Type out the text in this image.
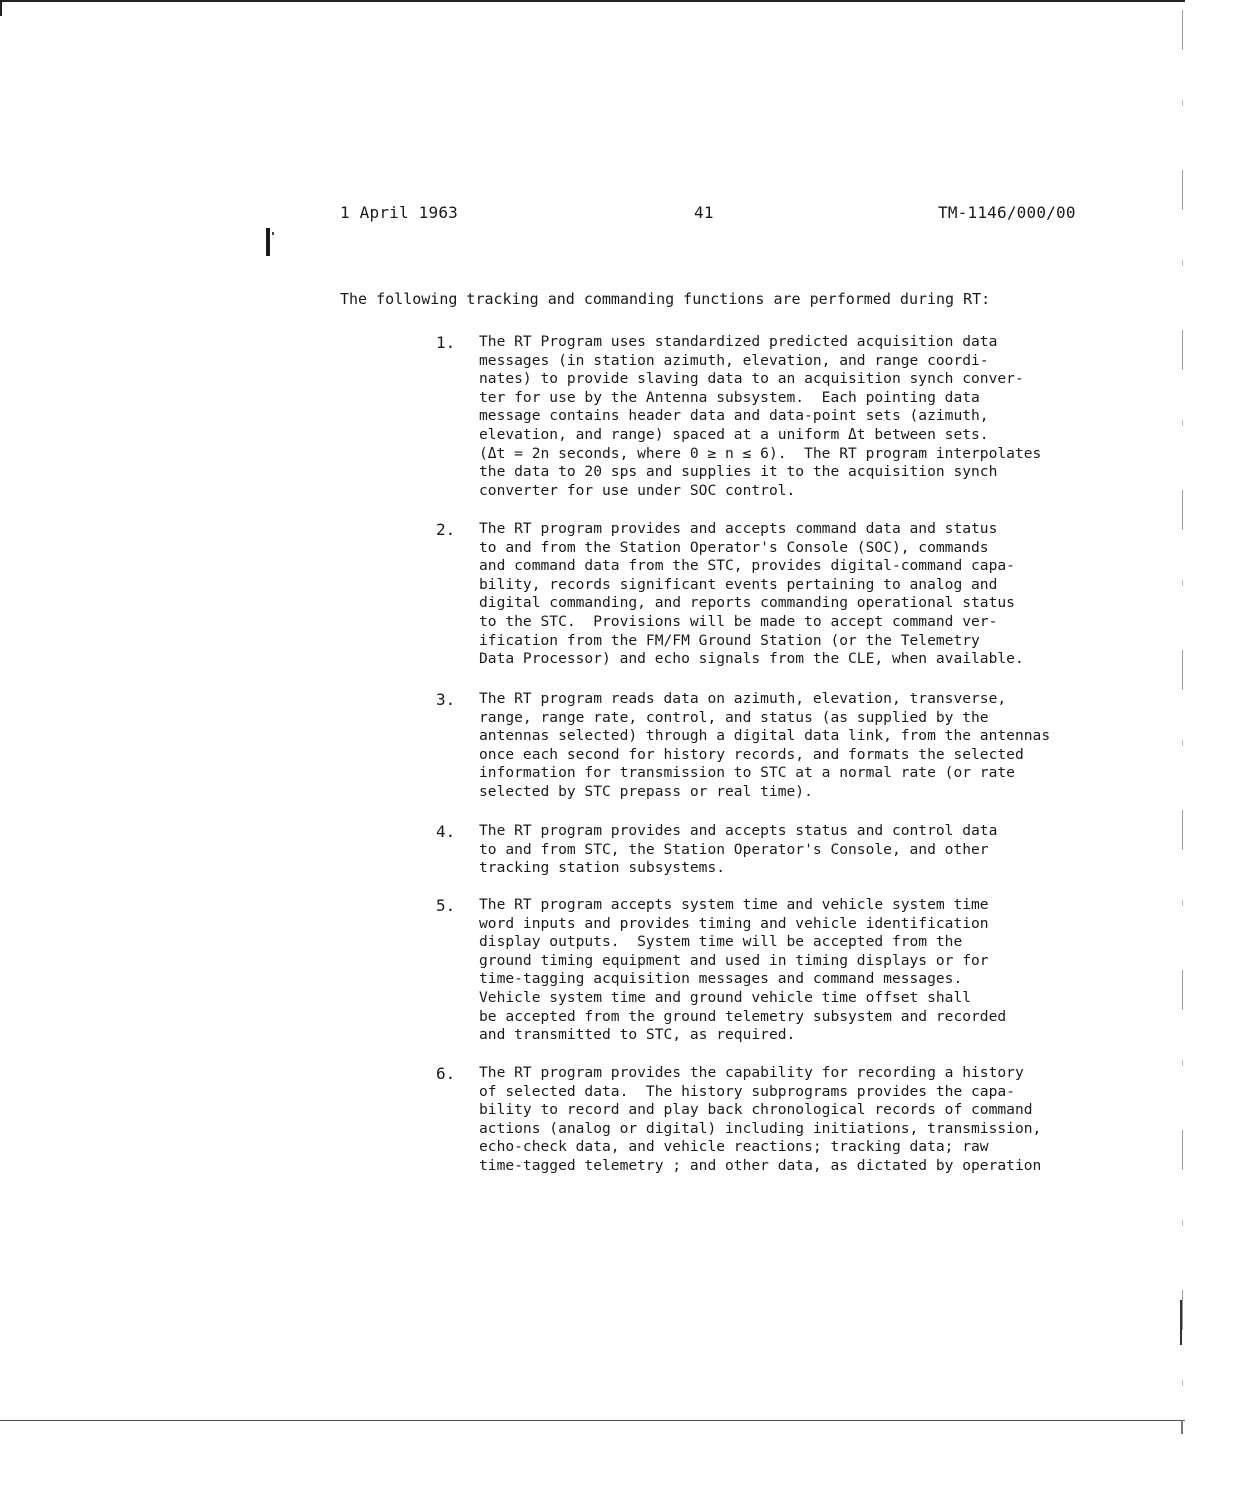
1 April 1963	41	TM-1146/000/00
The following tracking and commanding functions are performed during RT:
1. The RT Program uses standardized predicted acquisition data
messages (in station azimuth, elevation, and range coordi-
nates) to provide slaving data to an acquisition synch conver-
ter for use by the Antenna subsystem.  Each pointing data
message contains header data and data-point sets (azimuth,
elevation, and range) spaced at a uniform Δt between sets.
(Δt = 2n seconds, where 0 ≥ n ≤ 6).  The RT program interpolates
the data to 20 sps and supplies it to the acquisition synch
converter for use under SOC control.
2. The RT program provides and accepts command data and status
to and from the Station Operator's Console (SOC), commands
and command data from the STC, provides digital-command capa-
bility, records significant events pertaining to analog and
digital commanding, and reports commanding operational status
to the STC.  Provisions will be made to accept command ver-
ification from the FM/FM Ground Station (or the Telemetry
Data Processor) and echo signals from the CLE, when available.
3. The RT program reads data on azimuth, elevation, transverse,
range, range rate, control, and status (as supplied by the
antennas selected) through a digital data link, from the antennas
once each second for history records, and formats the selected
information for transmission to STC at a normal rate (or rate
selected by STC prepass or real time).
4. The RT program provides and accepts status and control data
to and from STC, the Station Operator's Console, and other
tracking station subsystems.
5. The RT program accepts system time and vehicle system time
word inputs and provides timing and vehicle identification
display outputs.  System time will be accepted from the
ground timing equipment and used in timing displays or for
time-tagging acquisition messages and command messages.
Vehicle system time and ground vehicle time offset shall
be accepted from the ground telemetry subsystem and recorded
and transmitted to STC, as required.
6. The RT program provides the capability for recording a history
of selected data.  The history subprograms provides the capa-
bility to record and play back chronological records of command
actions (analog or digital) including initiations, transmission,
echo-check data, and vehicle reactions; tracking data; raw
time-tagged telemetry ; and other data, as dictated by operation
